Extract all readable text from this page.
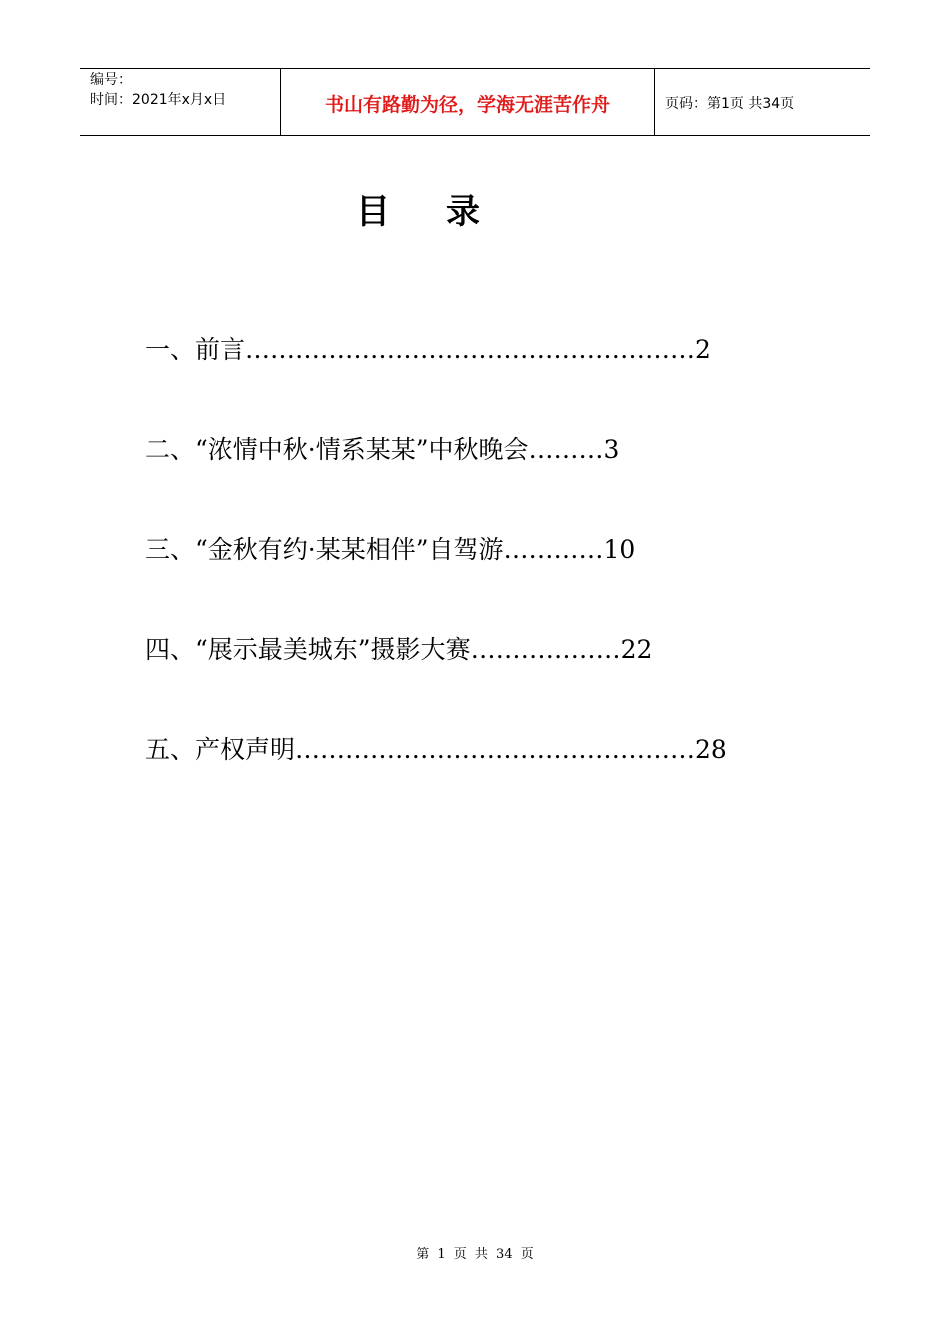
编号：
时间：2021年x月x日	书山有路勤为径，学海无涯苦作舟	页码：第1页 共34页
目录
一、前言………………………………………………2
二、“浓情中秋·情系某某”中秋晚会………3
三、“金秋有约·某某相伴”自驾游…………10
四、“展示最美城东”摄影大赛………………22
五、产权声明…………………………………………28
第 1 页 共 34 页
